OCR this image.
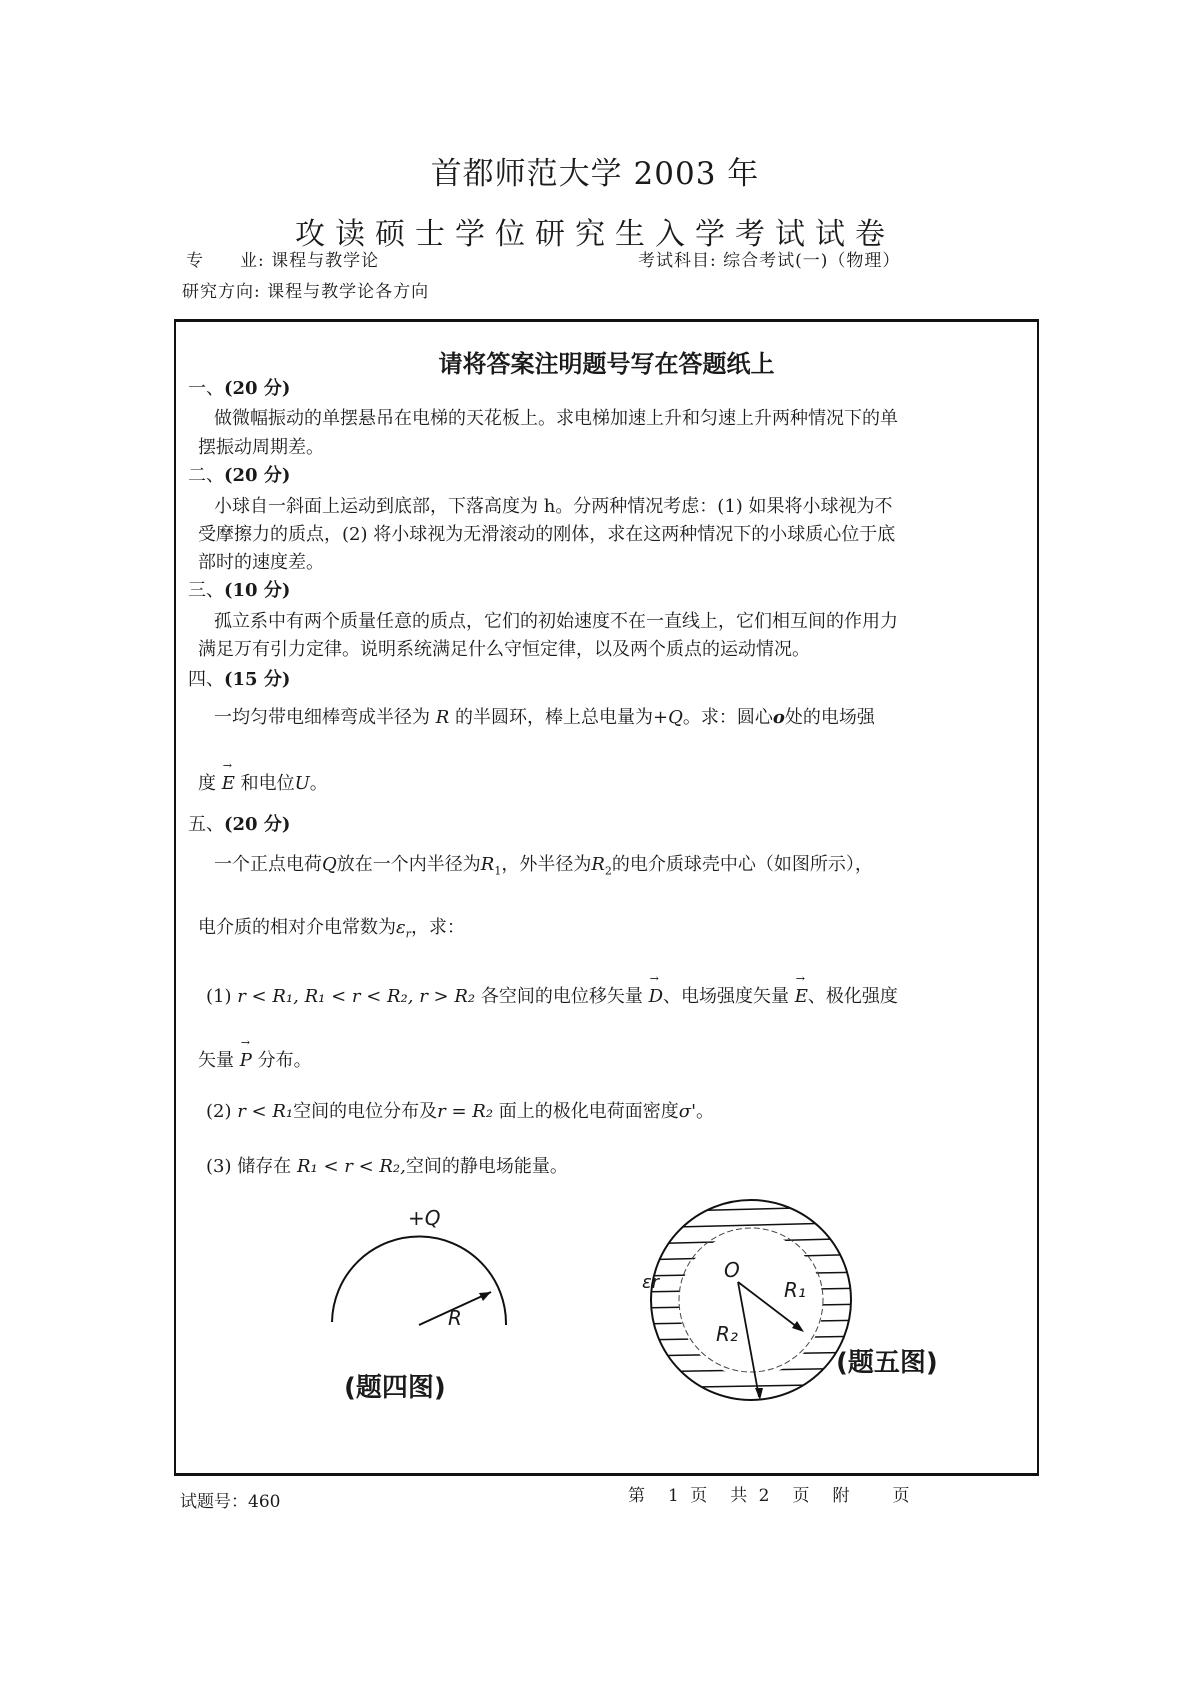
首都师范大学 2003 年
攻读硕士学位研究生入学考试试卷
专　　业: 课程与教学论	考试科目: 综合考试(一)（物理）
研究方向: 课程与教学论各方向
请将答案注明题号写在答题纸上
一、(20 分)
做微幅振动的单摆悬吊在电梯的天花板上。求电梯加速上升和匀速上升两种情况下的单
摆振动周期差。
二、(20 分)
小球自一斜面上运动到底部，下落高度为 h。分两种情况考虑：(1) 如果将小球视为不
受摩擦力的质点，(2) 将小球视为无滑滚动的刚体，求在这两种情况下的小球质心位于底
部时的速度差。
三、(10 分)
孤立系中有两个质量任意的质点，它们的初始速度不在一直线上，它们相互间的作用力
满足万有引力定律。说明系统满足什么守恒定律，以及两个质点的运动情况。
四、(15 分)
一均匀带电细棒弯成半径为 R 的半圆环，棒上总电量为+Q。求：圆心o处的电场强
度 → E 和电位U。
五、(20 分)
一个正点电荷Q放在一个内半径为$R_1$，外半径为$R_2$的电介质球壳中心（如图所示），
电介质的相对介电常数为$\varepsilon_r$，求：
(1) r < R₁, R₁ < r < R₂, r > R₂ 各空间的电位移矢量 → D、电场强度矢量 → E、极化强度
矢量 → P 分布。
(2) r < R₁空间的电位分布及r = R₂ 面上的极化电荷面密度σ'。
(3) 储存在 R₁ < r < R₂,空间的静电场能量。
+Q
R
(题四图)
O
R₁
R₂
εr
(题五图)
试题号：460	第　1 页　共 2　页　附　　页
